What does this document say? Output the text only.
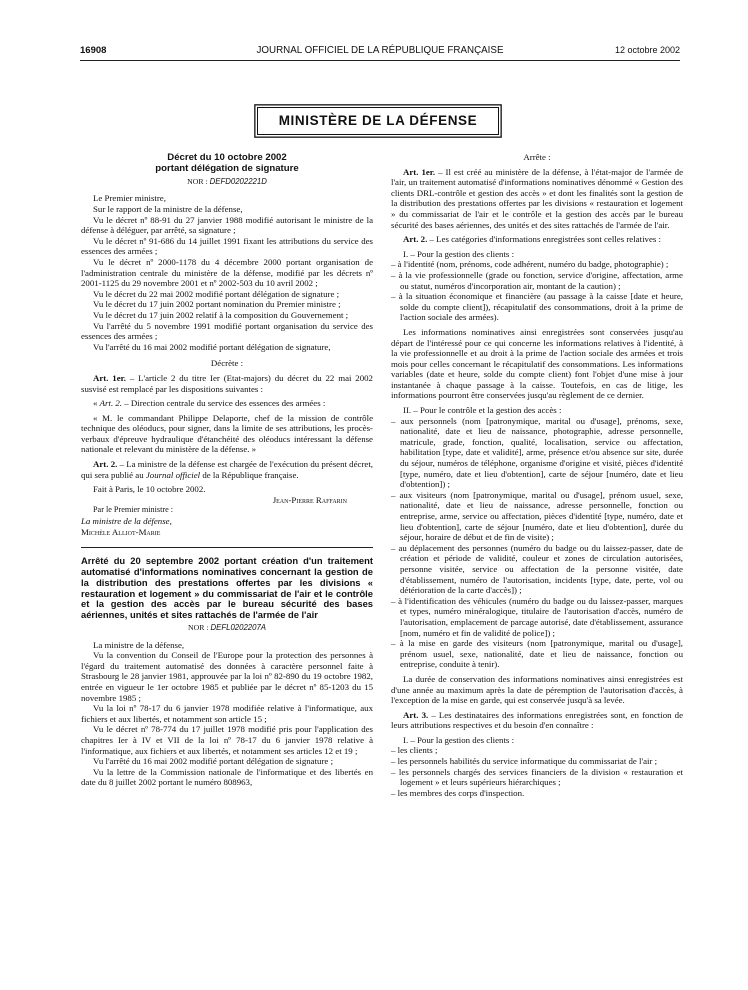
16908	JOURNAL OFFICIEL DE LA RÉPUBLIQUE FRANÇAISE	12 octobre 2002
MINISTÈRE DE LA DÉFENSE

Décret du 10 octobre 2002

portant délégation de signature

NOR : DEFD0202221D

Le Premier ministre,

Sur le rapport de la ministre de la défense,

Vu le décret nº 88-91 du 27 janvier 1988 modifié autorisant le ministre de la défense à déléguer, par arrêté, sa signature ;

Vu le décret nº 91-686 du 14 juillet 1991 fixant les attributions du service des essences des armées ;

Vu le décret nº 2000-1178 du 4 décembre 2000 portant organisation de l'administration centrale du ministère de la défense, modifié par les décrets nº 2001-1125 du 29 novembre 2001 et nº 2002-503 du 10 avril 2002 ;

Vu le décret du 22 mai 2002 modifié portant délégation de signature ;

Vu le décret du 17 juin 2002 portant nomination du Premier ministre ;

Vu le décret du 17 juin 2002 relatif à la composition du Gouvernement ;

Vu l'arrêté du 5 novembre 1991 modifié portant organisation du service des essences des armées ;

Vu l'arrêté du 16 mai 2002 modifié portant délégation de signature,

Décrète :

Art. 1er. – L'article 2 du titre Ier (Etat-majors) du décret du 22 mai 2002 susvisé est remplacé par les dispositions suivantes :

« Art. 2. – Direction centrale du service des essences des armées :

« M. le commandant Philippe Delaporte, chef de la mission de contrôle technique des oléoducs, pour signer, dans la limite de ses attributions, les procès-verbaux d'épreuve hydraulique d'étanchéité des oléoducs intéressant la défense nationale et relevant du ministère de la défense. »

Art. 2. – La ministre de la défense est chargée de l'exécution du présent décret, qui sera publié au Journal officiel de la République française.

Fait à Paris, le 10 octobre 2002.

Jean-Pierre Raffarin

Par le Premier ministre :

La ministre de la défense,

Michèle Alliot-Marie

Arrêté du 20 septembre 2002 portant création d'un traitement automatisé d'informations nominatives concernant la gestion de la distribution des prestations offertes par les divisions « restauration et logement » du commissariat de l'air et le contrôle et la gestion des accès par le bureau sécurité des bases aériennes, unités et sites rattachés de l'armée de l'air

NOR : DEFL0202207A

La ministre de la défense,

Vu la convention du Conseil de l'Europe pour la protection des personnes à l'égard du traitement automatisé des données à caractère personnel faite à Strasbourg le 28 janvier 1981, approuvée par la loi nº 82-890 du 19 octobre 1982, entrée en vigueur le 1er octobre 1985 et publiée par le décret nº 85-1203 du 15 novembre 1985 ;

Vu la loi nº 78-17 du 6 janvier 1978 modifiée relative à l'informatique, aux fichiers et aux libertés, et notamment son article 15 ;

Vu le décret nº 78-774 du 17 juillet 1978 modifié pris pour l'application des chapitres Ier à IV et VII de la loi nº 78-17 du 6 janvier 1978 relative à l'informatique, aux fichiers et aux libertés, et notamment ses articles 12 et 19 ;

Vu l'arrêté du 16 mai 2002 modifié portant délégation de signature ;

Vu la lettre de la Commission nationale de l'informatique et des libertés en date du 8 juillet 2002 portant le numéro 808963,

Arrête :

Art. 1er. – Il est créé au ministère de la défense, à l'état-major de l'armée de l'air, un traitement automatisé d'informations nominatives dénommé « Gestion des clients DRL-contrôle et gestion des accès » et dont les finalités sont la gestion de la distribution des prestations offertes par les divisions « restauration et logement » du commissariat de l'air et le contrôle et la gestion des accès par le bureau sécurité des bases aériennes, des unités et des sites rattachés de l'armée de l'air.

Art. 2. – Les catégories d'informations enregistrées sont celles relatives :

I. – Pour la gestion des clients :

– à l'identité (nom, prénoms, code adhérent, numéro du badge, photographie) ;

– à la vie professionnelle (grade ou fonction, service d'origine, affectation, arme ou statut, numéros d'incorporation air, montant de la caution) ;

– à la situation économique et financière (au passage à la caisse [date et heure, solde du compte client]), récapitulatif des consommations, droit à la prime de l'action sociale des armées).

Les informations nominatives ainsi enregistrées sont conservées jusqu'au départ de l'intéressé pour ce qui concerne les informations relatives à l'identité, à la vie professionnelle et au droit à la prime de l'action sociale des armées et trois mois pour celles concernant le récapitulatif des consommations. Les informations variables (date et heure, solde du compte client) font l'objet d'une mise à jour instantanée à chaque passage à la caisse. Toutefois, en cas de litige, les informations pourront être conservées jusqu'au règlement de ce dernier.

II. – Pour le contrôle et la gestion des accès :

– aux personnels (nom [patronymique, marital ou d'usage], prénoms, sexe, nationalité, date et lieu de naissance, photographie, adresse personnelle, matricule, grade, fonction, qualité, localisation, service ou affectation, habilitation [type, date et validité], arme, présence et/ou absence sur site, durée du séjour, numéros de téléphone, organisme d'origine et visité, pièces d'identité [type, numéro, date et lieu d'obtention], carte de séjour [numéro, date et lieu d'obtention]) ;

– aux visiteurs (nom [patronymique, marital ou d'usage], prénom usuel, sexe, nationalité, date et lieu de naissance, adresse personnelle, fonction ou entreprise, arme, service ou affectation, pièces d'identité [type, numéro, date et lieu d'obtention], carte de séjour [numéro, date et lieu d'obtention], durée du séjour, horaire de début et de fin de visite) ;

– au déplacement des personnes (numéro du badge ou du laissez-passer, date de création et période de validité, couleur et zones de circulation autorisées, personne visitée, service ou affectation de la personne visitée, date d'établissement, numéro de l'autorisation, incidents [type, date, perte, vol ou détérioration de la carte d'accès]) ;

– à l'identification des véhicules (numéro du badge ou du laissez-passer, marques et types, numéro minéralogique, titulaire de l'autorisation d'accès, numéro de l'autorisation, emplacement de parcage autorisé, date d'établissement, assurance [nom, numéro et fin de validité de police]) ;

– à la mise en garde des visiteurs (nom [patronymique, marital ou d'usage], prénom usuel, sexe, nationalité, date et lieu de naissance, fonction ou entreprise, conduite à tenir).

La durée de conservation des informations nominatives ainsi enregistrées est d'une année au maximum après la date de péremption de l'autorisation d'accès, à l'exception de la mise en garde, qui est conservée jusqu'à sa levée.

Art. 3. – Les destinataires des informations enregistrées sont, en fonction de leurs attributions respectives et du besoin d'en connaître :

I. – Pour la gestion des clients :

– les clients ;

– les personnels habilités du service informatique du commissariat de l'air ;

– les personnels chargés des services financiers de la division « restauration et logement » et leurs supérieurs hiérarchiques ;

– les membres des corps d'inspection.
